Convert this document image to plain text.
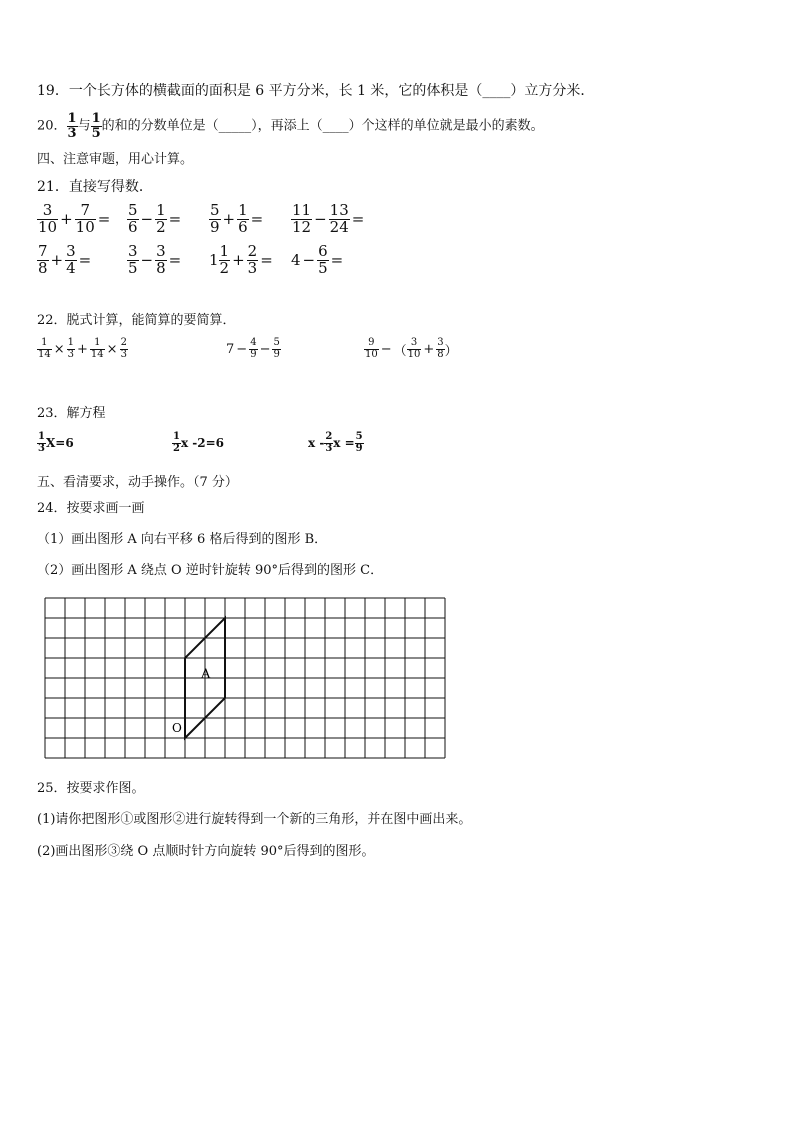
19．一个长方体的横截面的面积是 6 平方分米，长 1 米，它的体积是（____）立方分米．
20． $\frac{1}{3}$ 与 $\frac{1}{5}$ 的和的分数单位是（_____），再添上（____）个这样的单位就是最小的素数。
四、注意审题，用心计算。
21．直接写得数．
$\frac{3}{10} + \frac{7}{10} = \frac{5}{6} - \frac{1}{2} = \frac{5}{9} + \frac{1}{6} = \frac{11}{12} - \frac{13}{24}$ =
$\frac{7}{8} + \frac{3}{4} = \frac{3}{5} - \frac{3}{8} = 1 \frac{1}{2} + \frac{2}{3} = 4 - \frac{6}{5}$ =
22．脱式计算，能简算的要简算．
$\frac{1}{14} \times \frac{1}{3} + \frac{1}{14} \times \frac{2}{3}$	$7 - \frac{4}{9} - \frac{5}{9}$	$\frac{9}{10}$ − （ $\frac{3}{10} + \frac{3}{8}$ ）
23．解方程
$\frac{1}{3} X=6$	$\frac{1}{2}$ x -2=6	x - $\frac{2}{3}$ $x = \frac{5}{9}$
五、看清要求，动手操作。（7 分）
24．按要求画一画
（1）画出图形 A 向右平移 6 格后得到的图形 B．
（2）画出图形 A 绕点 O 逆时针旋转 90°后得到的图形 C．
A
O
25．按要求作图。
(1)请你把图形①或图形②进行旋转得到一个新的三角形，并在图中画出来。
(2)画出图形③绕 O 点顺时针方向旋转 90°后得到的图形。
